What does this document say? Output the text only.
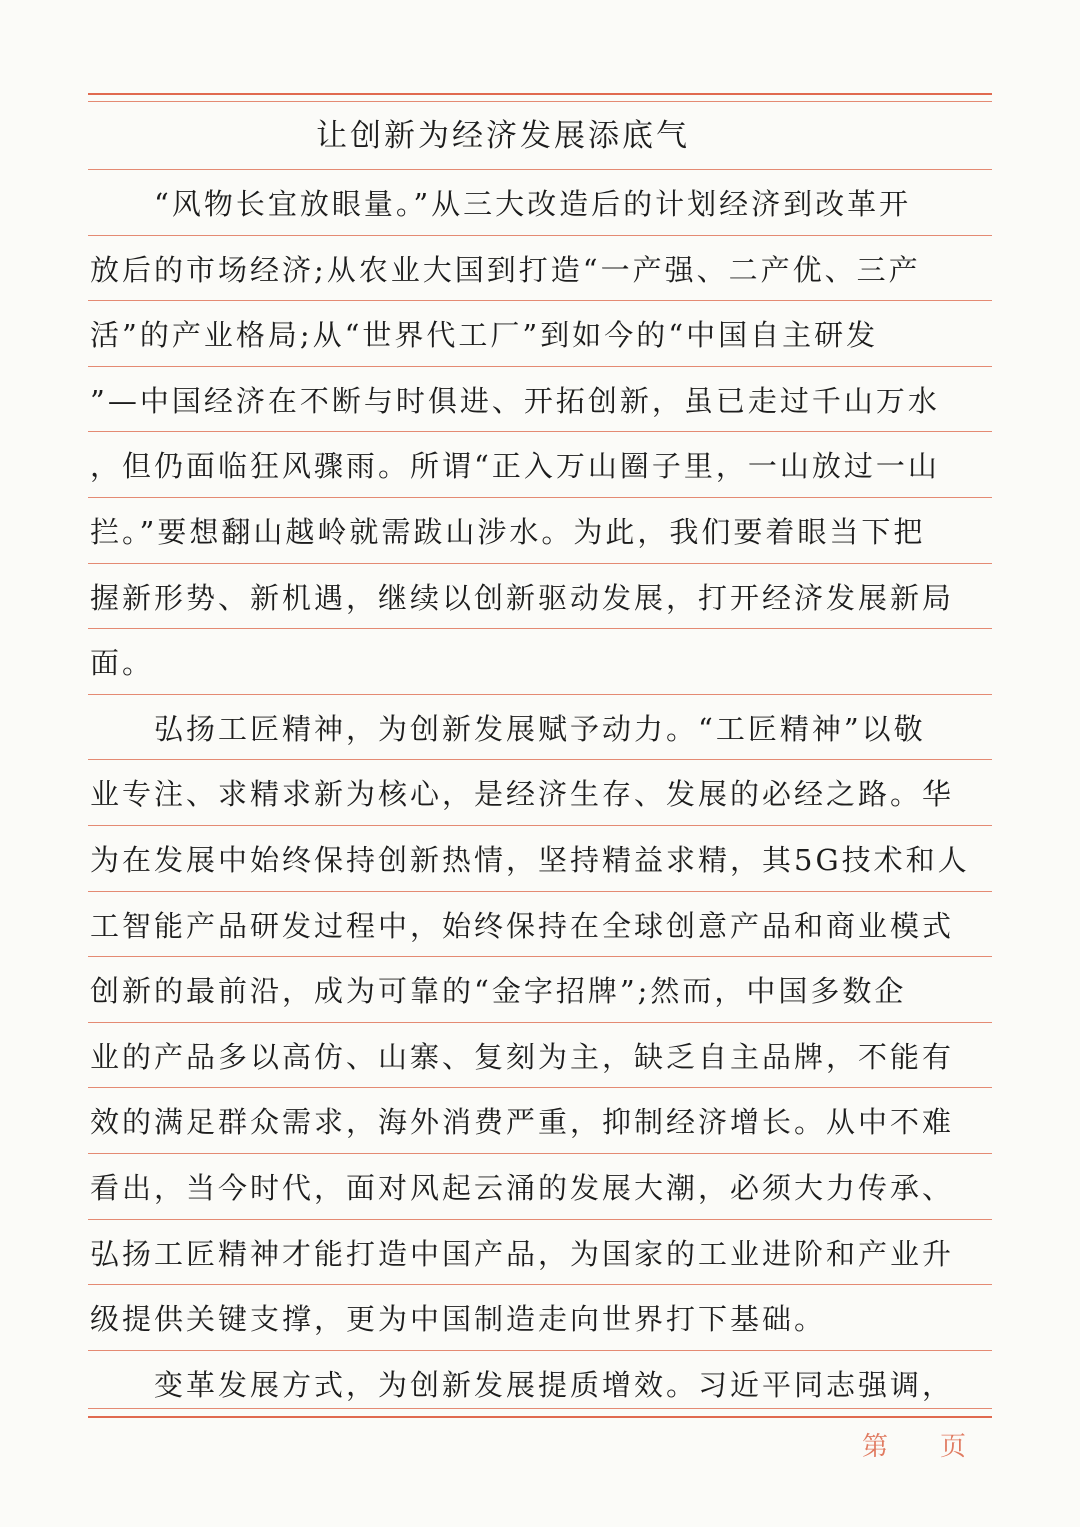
让创新为经济发展添底气
　　“风物长宜放眼量。”从三大改造后的计划经济到改革开
放后的市场经济;从农业大国到打造“一产强、二产优、三产
活”的产业格局;从“世界代工厂”到如今的“中国自主研发
”—中国经济在不断与时俱进、开拓创新，虽已走过千山万水
，但仍面临狂风骤雨。所谓“正入万山圈子里，一山放过一山
拦。”要想翻山越岭就需跋山涉水。为此，我们要着眼当下把
握新形势、新机遇，继续以创新驱动发展，打开经济发展新局
面。
　　弘扬工匠精神，为创新发展赋予动力。“工匠精神”以敬
业专注、求精求新为核心，是经济生存、发展的必经之路。华
为在发展中始终保持创新热情，坚持精益求精，其5G技术和人
工智能产品研发过程中，始终保持在全球创意产品和商业模式
创新的最前沿，成为可靠的“金字招牌”;然而，中国多数企
业的产品多以高仿、山寨、复刻为主，缺乏自主品牌，不能有
效的满足群众需求，海外消费严重，抑制经济增长。从中不难
看出，当今时代，面对风起云涌的发展大潮，必须大力传承、
弘扬工匠精神才能打造中国产品，为国家的工业进阶和产业升
级提供关键支撑，更为中国制造走向世界打下基础。
　　变革发展方式，为创新发展提质增效。习近平同志强调，
第 页
